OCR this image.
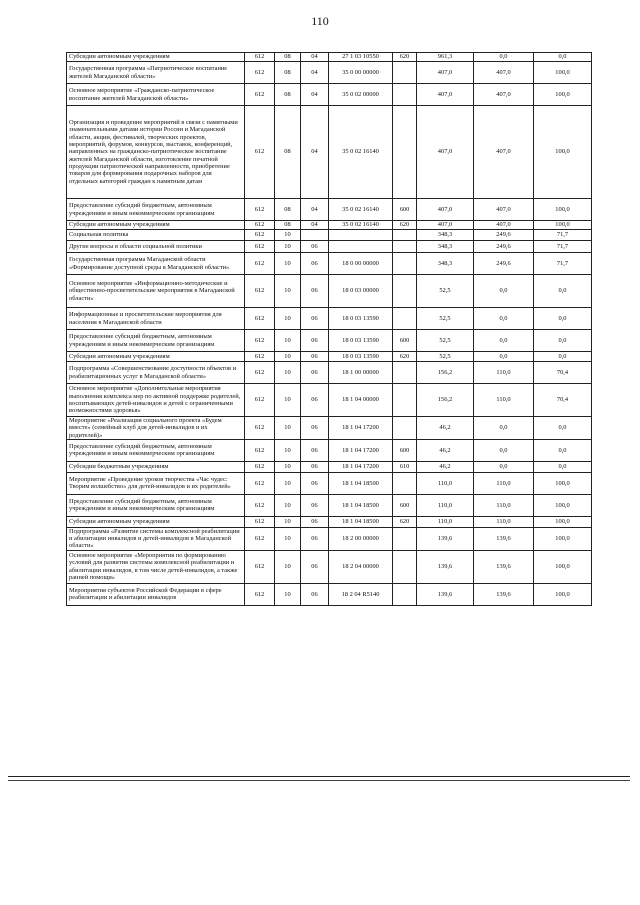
110
Субсидии автономным учреждениям	612	08	04	27 1 03 10550	620	961,3	0,0	0,0
Государственная программа «Патриотическое воспитание жителей Магаданской области»	612	08	04	35 0 00 00000		407,0	407,0	100,0
Основное мероприятие «Гражданско-патриотическое воспитание жителей Магаданской области»	612	08	04	35 0 02 00000		407,0	407,0	100,0
Организация и проведение мероприятий в связи с памятными знаменательными датами истории России и Магаданской области, акции, фестивалей, творческих проектов, мероприятий, форумов, конкурсов, выставок, конференций, направленных на гражданско-патриотическое воспитание жителей Магаданской области, изготовление печатной продукции патриотической направленности, приобретение товаров для формирования подарочных наборов для отдельных категорий граждан к памятным датам	612	08	04	35 0 02 16140		407,0	407,0	100,0
Предоставление субсидий бюджетным, автономным учреждениям и иным некоммерческим организациям	612	08	04	35 0 02 16140	600	407,0	407,0	100,0
Субсидии автономным учреждениям	612	08	04	35 0 02 16140	620	407,0	407,0	100,0
Социальная политика	612	10				348,3	249,6	71,7
Другие вопросы в области социальной политики	612	10	06			348,3	249,6	71,7
Государственная программа Магаданской области «Формирование доступной среды в Магаданской области»	612	10	06	18 0 00 00000		348,3	249,6	71,7
Основное мероприятие «Информационно-методические и общественно-просветительские мероприятия в Магаданской области»	612	10	06	18 0 03 00000		52,5	0,0	0,0
Информационные и просветительские мероприятия для населения в Магаданской области	612	10	06	18 0 03 13590		52,5	0,0	0,0
Предоставление субсидий бюджетным, автономным учреждениям и иным некоммерческим организациям	612	10	06	18 0 03 13590	600	52,5	0,0	0,0
Субсидии автономным учреждениям	612	10	06	18 0 03 13590	620	52,5	0,0	0,0
Подпрограмма «Совершенствование доступности объектов и реабилитационных услуг в Магаданской области»	612	10	06	18 1 00 00000		156,2	110,0	70,4
Основное мероприятие «Дополнительные мероприятия выполнения комплекса мер по активной поддержке родителей, воспитывающих детей-инвалидов и детей с ограниченными возможностями здоровья»	612	10	06	18 1 04 00000		156,2	110,0	70,4
Мероприятие «Реализация социального проекта «Будем вместе» (семейный клуб для детей-инвалидов и их родителей)»	612	10	06	18 1 04 17200		46,2	0,0	0,0
Предоставление субсидий бюджетным, автономным учреждениям и иным некоммерческим организациям	612	10	06	18 1 04 17200	600	46,2	0,0	0,0
Субсидии бюджетным учреждениям	612	10	06	18 1 04 17200	610	46,2	0,0	0,0
Мероприятие «Проведение уроков творчества «Час чудес: Творим волшебство» для детей-инвалидов и их родителей»	612	10	06	18 1 04 18500		110,0	110,0	100,0
Предоставление субсидий бюджетным, автономным учреждениям и иным некоммерческим организациям	612	10	06	18 1 04 18500	600	110,0	110,0	100,0
Субсидии автономным учреждениям	612	10	06	18 1 04 18500	620	110,0	110,0	100,0
Подпрограмма «Развитие системы комплексной реабилитации и абилитации инвалидов и детей-инвалидов в Магаданской области»	612	10	06	18 2 00 00000		139,6	139,6	100,0
Основное мероприятие «Мероприятия по формированию условий для развития системы комплексной реабилитации и абилитации инвалидов, в том числе детей-инвалидов, а также ранней помощи»	612	10	06	18 2 04 00000		139,6	139,6	100,0
Мероприятия субъектов Российской Федерации в сфере реабилитации и абилитации инвалидов	612	10	06	18 2 04 R5140		139,6	139,6	100,0
